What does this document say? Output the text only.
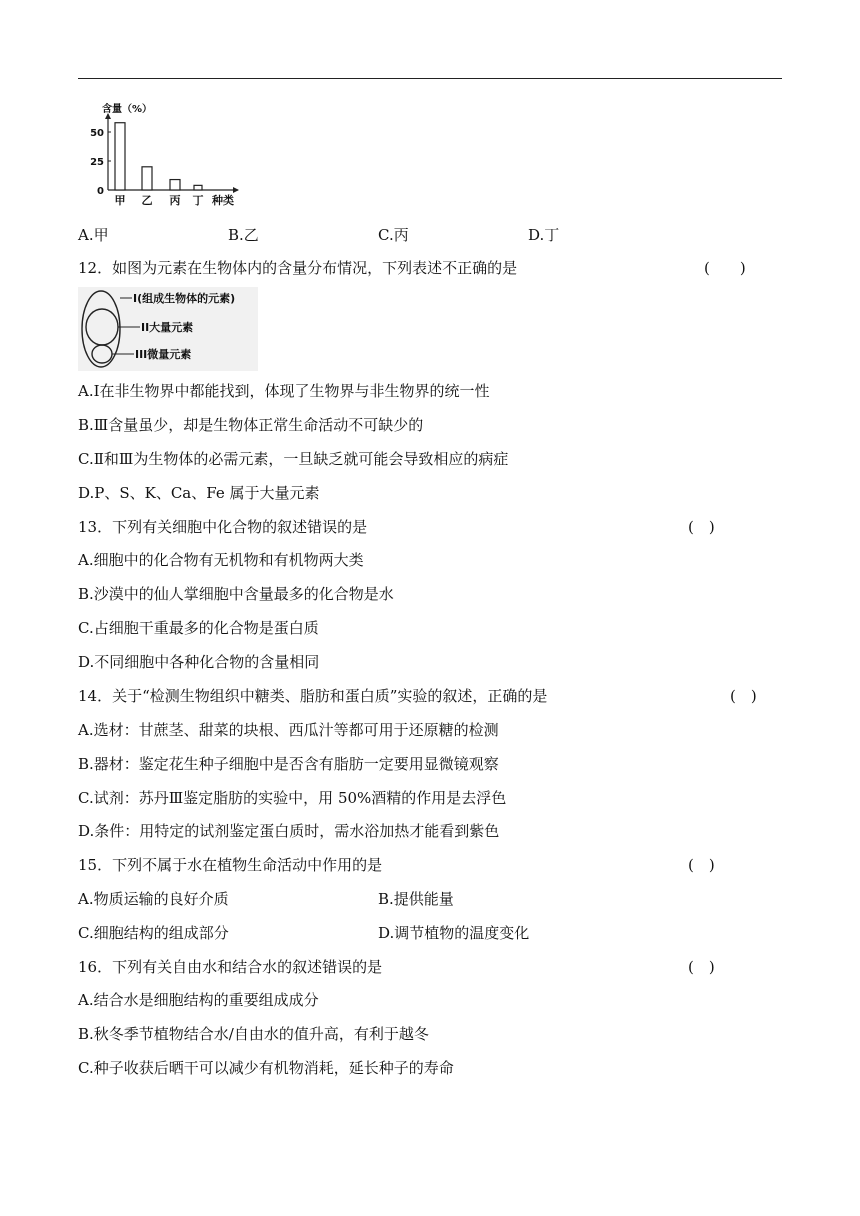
含量（%）
50
25
0
甲 乙 丙 丁 种类
A.甲	B.乙	C.丙	D.丁
12．如图为元素在生物体内的含量分布情况，下列表述不正确的是	(　　)
I(组成生物体的元素)
II大量元素
III微量元素
A.Ⅰ在非生物界中都能找到，体现了生物界与非生物界的统一性
B.Ⅲ含量虽少，却是生物体正常生命活动不可缺少的
C.Ⅱ和Ⅲ为生物体的必需元素，一旦缺乏就可能会导致相应的病症
D.P、S、K、Ca、Fe 属于大量元素
13．下列有关细胞中化合物的叙述错误的是	(　)
A.细胞中的化合物有无机物和有机物两大类
B.沙漠中的仙人掌细胞中含量最多的化合物是水
C.占细胞干重最多的化合物是蛋白质
D.不同细胞中各种化合物的含量相同
14．关于“检测生物组织中糖类、脂肪和蛋白质”实验的叙述，正确的是	(　)
A.选材：甘蔗茎、甜菜的块根、西瓜汁等都可用于还原糖的检测
B.器材：鉴定花生种子细胞中是否含有脂肪一定要用显微镜观察
C.试剂：苏丹Ⅲ鉴定脂肪的实验中，用 50%酒精的作用是去浮色
D.条件：用特定的试剂鉴定蛋白质时，需水浴加热才能看到紫色
15．下列不属于水在植物生命活动中作用的是	(　)
A.物质运输的良好介质	B.提供能量
C.细胞结构的组成部分	D.调节植物的温度变化
16．下列有关自由水和结合水的叙述错误的是	(　)
A.结合水是细胞结构的重要组成成分
B.秋冬季节植物结合水/自由水的值升高，有利于越冬
C.种子收获后晒干可以减少有机物消耗，延长种子的寿命
